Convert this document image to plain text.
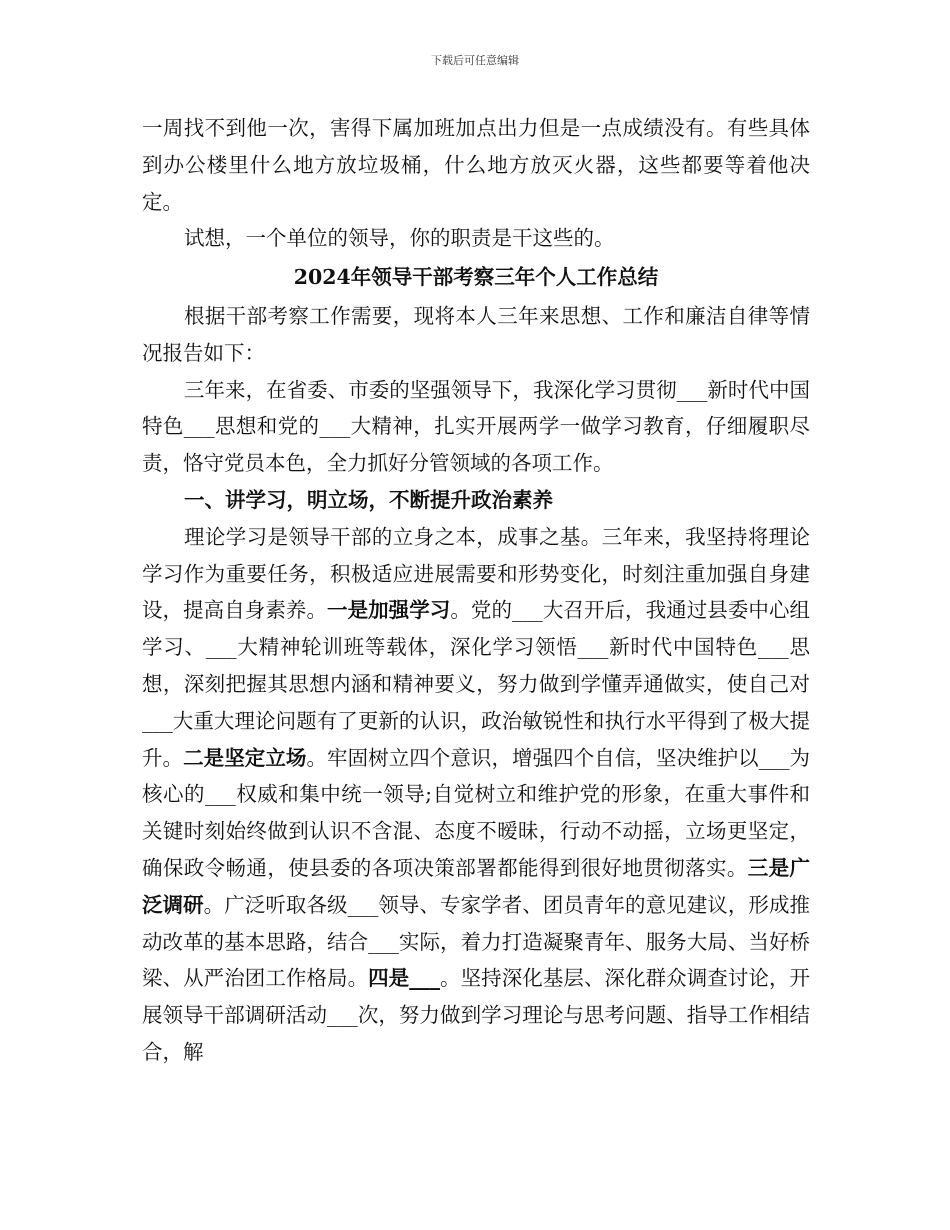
下载后可任意编辑

一周找不到他一次，害得下属加班加点出力但是一点成绩没有。有些具体到办公楼里什么地方放垃圾桶，什么地方放灭火器，这些都要等着他决定。

试想，一个单位的领导，你的职责是干这些的。

2024年领导干部考察三年个人工作总结

根据干部考察工作需要，现将本人三年来思想、工作和廉洁自律等情况报告如下：

三年来，在省委、市委的坚强领导下，我深化学习贯彻___新时代中国特色___思想和党的___大精神，扎实开展两学一做学习教育，仔细履职尽责，恪守党员本色，全力抓好分管领域的各项工作。

一、讲学习，明立场，不断提升政治素养

理论学习是领导干部的立身之本，成事之基。三年来，我坚持将理论学习作为重要任务，积极适应进展需要和形势变化，时刻注重加强自身建设，提高自身素养。一是加强学习。党的___大召开后，我通过县委中心组学习、___大精神轮训班等载体，深化学习领悟___新时代中国特色___思想，深刻把握其思想内涵和精神要义，努力做到学懂弄通做实，使自己对___大重大理论问题有了更新的认识，政治敏锐性和执行水平得到了极大提升。二是坚定立场。牢固树立四个意识，增强四个自信，坚决维护以___为核心的___权威和集中统一领导;自觉树立和维护党的形象，在重大事件和关键时刻始终做到认识不含混、态度不暧昧，行动不动摇，立场更坚定，确保政令畅通，使县委的各项决策部署都能得到很好地贯彻落实。三是广泛调研。广泛听取各级___领导、专家学者、团员青年的意见建议，形成推动改革的基本思路，结合___实际，着力打造凝聚青年、服务大局、当好桥梁、从严治团工作格局。四是___。坚持深化基层、深化群众调查讨论，开展领导干部调研活动___次，努力做到学习理论与思考问题、指导工作相结合，解
